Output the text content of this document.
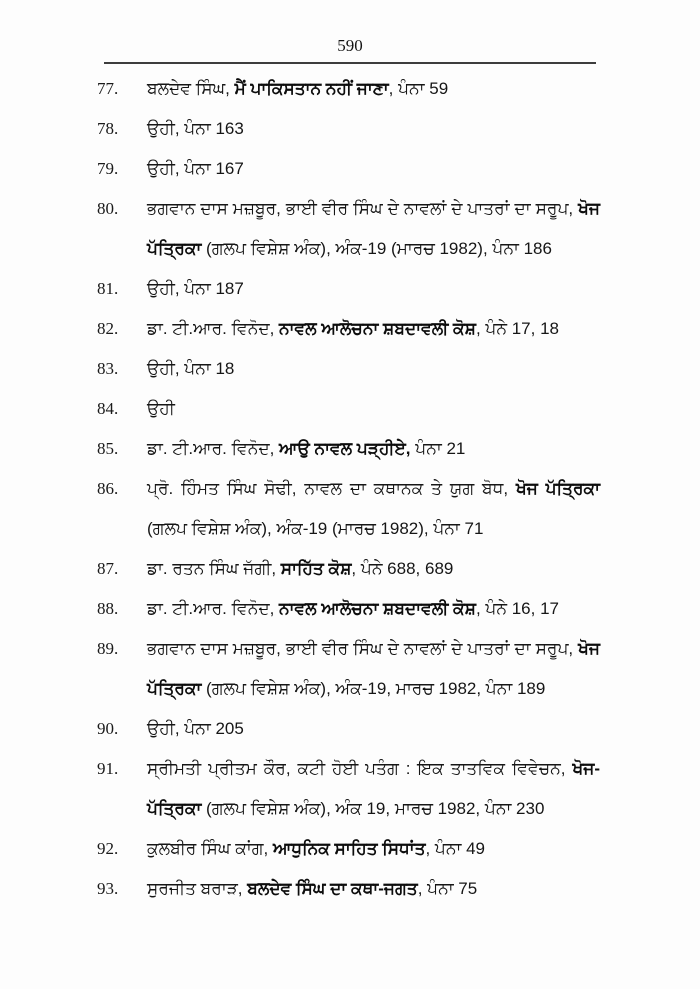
590
77.	ਬਲਦੇਵ ਸਿੰਘ, ਮੈਂ ਪਾਕਿਸਤਾਨ ਨਹੀਂ ਜਾਣਾ, ਪੰਨਾ 59
78.	ਉਹੀ, ਪੰਨਾ 163
79.	ਉਹੀ, ਪੰਨਾ 167
80.	ਭਗਵਾਨ ਦਾਸ ਮਜ਼ਬੂਰ, ਭਾਈ ਵੀਰ ਸਿੰਘ ਦੇ ਨਾਵਲਾਂ ਦੇ ਪਾਤਰਾਂ ਦਾ ਸਰੂਪ, ਖੋਜ ਪੱਤ੍ਰਿਕਾ (ਗਲਪ ਵਿਸ਼ੇਸ਼ ਅੰਕ), ਅੰਕ-19 (ਮਾਰਚ 1982), ਪੰਨਾ 186
81.	ਉਹੀ, ਪੰਨਾ 187
82.	ਡਾ. ਟੀ.ਆਰ. ਵਿਨੋਦ, ਨਾਵਲ ਆਲੋਚਨਾ ਸ਼ਬਦਾਵਲੀ ਕੋਸ਼, ਪੰਨੇ 17, 18
83.	ਉਹੀ, ਪੰਨਾ 18
84.	ਉਹੀ
85.	ਡਾ. ਟੀ.ਆਰ. ਵਿਨੋਦ, ਆਉ ਨਾਵਲ ਪੜ੍ਹੀਏ, ਪੰਨਾ 21
86.	ਪ੍ਰੋ. ਹਿੰਮਤ ਸਿੰਘ ਸੋਢੀ, ਨਾਵਲ ਦਾ ਕਥਾਨਕ ਤੇ ਯੁਗ ਬੋਧ, ਖੋਜ ਪੱਤ੍ਰਿਕਾ (ਗਲਪ ਵਿਸ਼ੇਸ਼ ਅੰਕ), ਅੰਕ-19 (ਮਾਰਚ 1982), ਪੰਨਾ 71
87.	ਡਾ. ਰਤਨ ਸਿੰਘ ਜੱਗੀ, ਸਾਹਿੱਤ ਕੋਸ਼, ਪੰਨੇ 688, 689
88.	ਡਾ. ਟੀ.ਆਰ. ਵਿਨੋਦ, ਨਾਵਲ ਆਲੋਚਨਾ ਸ਼ਬਦਾਵਲੀ ਕੋਸ਼, ਪੰਨੇ 16, 17
89.	ਭਗਵਾਨ ਦਾਸ ਮਜ਼ਬੂਰ, ਭਾਈ ਵੀਰ ਸਿੰਘ ਦੇ ਨਾਵਲਾਂ ਦੇ ਪਾਤਰਾਂ ਦਾ ਸਰੂਪ, ਖੋਜ ਪੱਤ੍ਰਿਕਾ (ਗਲਪ ਵਿਸ਼ੇਸ਼ ਅੰਕ), ਅੰਕ-19, ਮਾਰਚ 1982, ਪੰਨਾ 189
90.	ਉਹੀ, ਪੰਨਾ 205
91.	ਸ੍ਰੀਮਤੀ ਪ੍ਰੀਤਮ ਕੌਰ, ਕਟੀ ਹੋਈ ਪਤੰਗ : ਇਕ ਤਾਤਵਿਕ ਵਿਵੇਚਨ, ਖੋਜ-ਪੱਤ੍ਰਿਕਾ (ਗਲਪ ਵਿਸ਼ੇਸ਼ ਅੰਕ), ਅੰਕ 19, ਮਾਰਚ 1982, ਪੰਨਾ 230
92.	ਕੁਲਬੀਰ ਸਿੰਘ ਕਾਂਗ, ਆਧੁਨਿਕ ਸਾਹਿਤ ਸਿਧਾਂਤ, ਪੰਨਾ 49
93.	ਸੁਰਜੀਤ ਬਰਾੜ, ਬਲਦੇਵ ਸਿੰਘ ਦਾ ਕਥਾ-ਜਗਤ, ਪੰਨਾ 75
